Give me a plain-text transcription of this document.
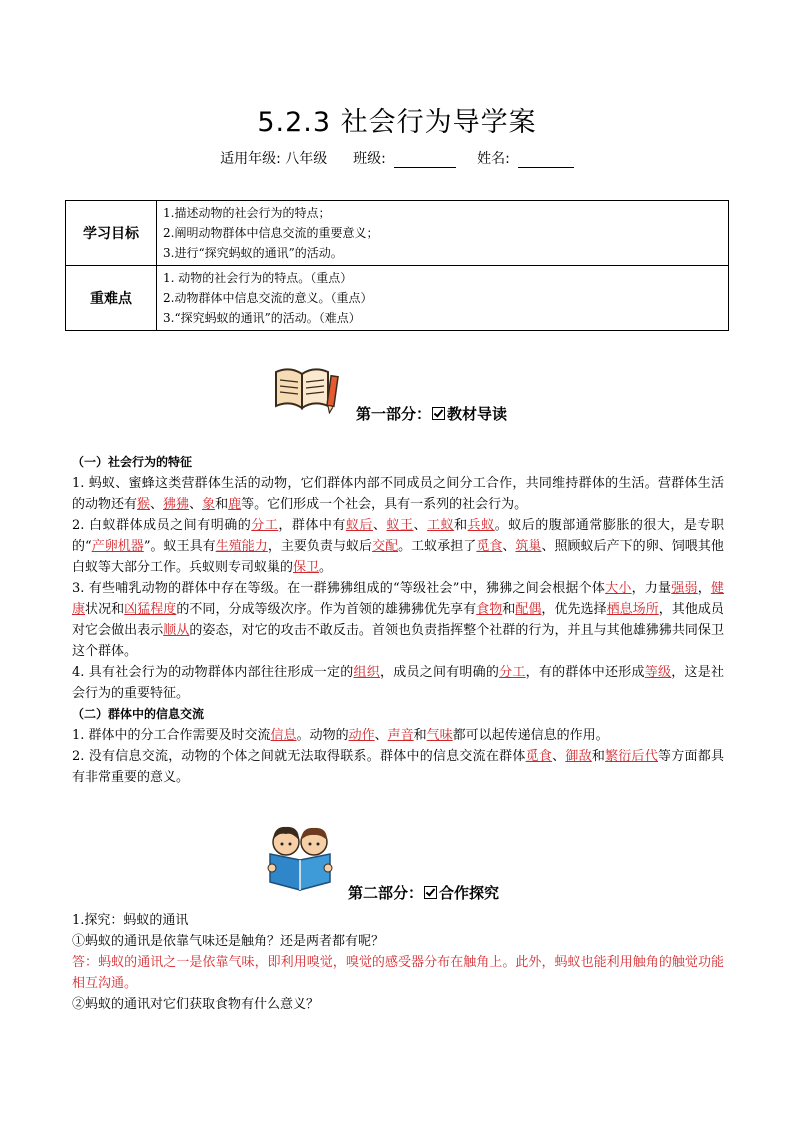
5.2.3 社会行为导学案
适用年级: 八年级 班级:	姓名:
学习目标	1.描述动物的社会行为的特点；
2.阐明动物群体中信息交流的重要意义；
3.进行“探究蚂蚁的通讯”的活动。

重难点	1. 动物的社会行为的特点。（重点）
2.动物群体中信息交流的意义。（重点）
3.“探究蚂蚁的通讯”的活动。（难点）
第一部分： 教材导读
（一）社会行为的特征

1. 蚂蚁、蜜蜂这类营群体生活的动物，它们群体内部不同成员之间分工合作，共同维持群体的生活。营群体生活的动物还有猴、狒狒、象和鹿等。它们形成一个社会，具有一系列的社会行为。

2. 白蚁群体成员之间有明确的分工，群体中有蚁后、蚁王、工蚁和兵蚁。蚁后的腹部通常膨胀的很大，是专职的“产卵机器”。蚁王具有生殖能力，主要负责与蚁后交配。工蚁承担了觅食、筑巢、照顾蚁后产下的卵、饲喂其他白蚁等大部分工作。兵蚁则专司蚁巢的保卫。

3. 有些哺乳动物的群体中存在等级。在一群狒狒组成的“等级社会”中，狒狒之间会根据个体大小，力量强弱，健康状况和凶猛程度的不同，分成等级次序。作为首领的雄狒狒优先享有食物和配偶，优先选择栖息场所，其他成员对它会做出表示顺从的姿态，对它的攻击不敢反击。首领也负责指挥整个社群的行为，并且与其他雄狒狒共同保卫这个群体。

4. 具有社会行为的动物群体内部往往形成一定的组织，成员之间有明确的分工，有的群体中还形成等级，这是社会行为的重要特征。

（二）群体中的信息交流

1. 群体中的分工合作需要及时交流信息。动物的动作、声音和气味都可以起传递信息的作用。

2. 没有信息交流，动物的个体之间就无法取得联系。群体中的信息交流在群体觅食、御敌和繁衍后代等方面都具有非常重要的意义。

第二部分： 合作探究

1.探究：蚂蚁的通讯

①蚂蚁的通讯是依靠气味还是触角？还是两者都有呢？

答：蚂蚁的通讯之一是依靠气味，即利用嗅觉，嗅觉的感受器分布在触角上。此外，蚂蚁也能利用触角的触觉功能相互沟通。

②蚂蚁的通讯对它们获取食物有什么意义？
